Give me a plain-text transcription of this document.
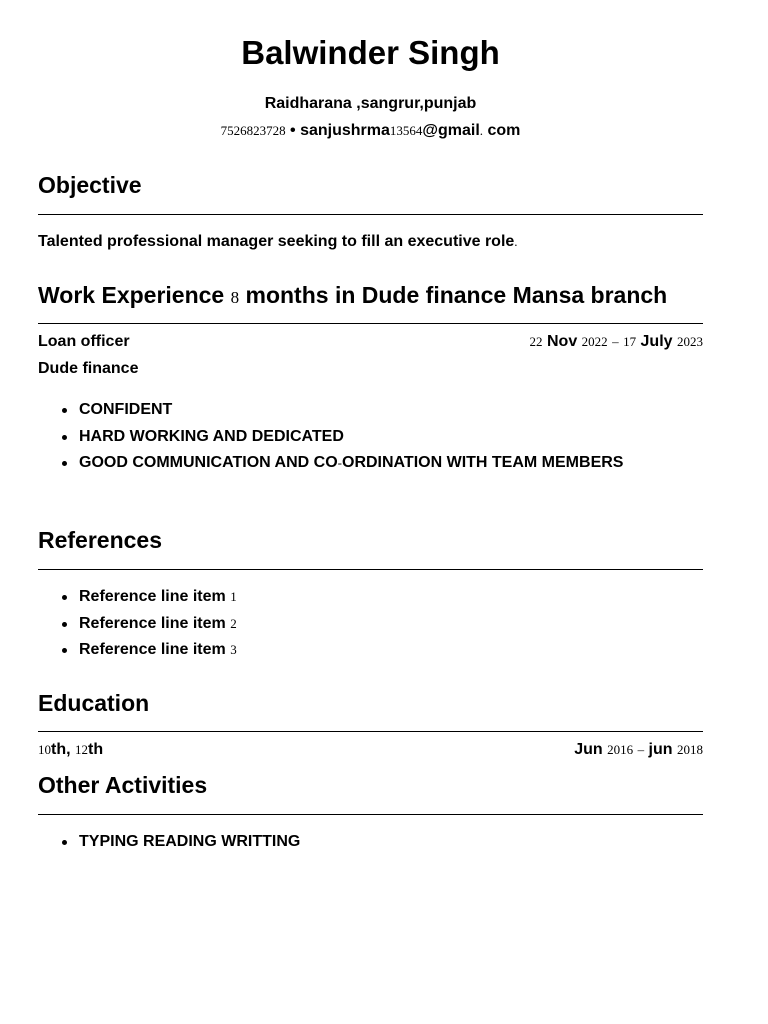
Balwinder Singh
Raidharana ,sangrur,punjab
7526823728 • sanjushrma13564@gmail. com
Objective
Talented professional manager seeking to fill an executive role.
Work Experience 8 months in Dude finance Mansa branch
Loan officer	22 Nov 2022 – 17 July 2023
Dude finance
CONFIDENT
HARD WORKING AND DEDICATED
GOOD COMMUNICATION AND CO-ORDINATION WITH TEAM MEMBERS
References
Reference line item 1
Reference line item 2
Reference line item 3
Education
10th, 12th	Jun 2016 – jun 2018
Other Activities
TYPING READING WRITTING
